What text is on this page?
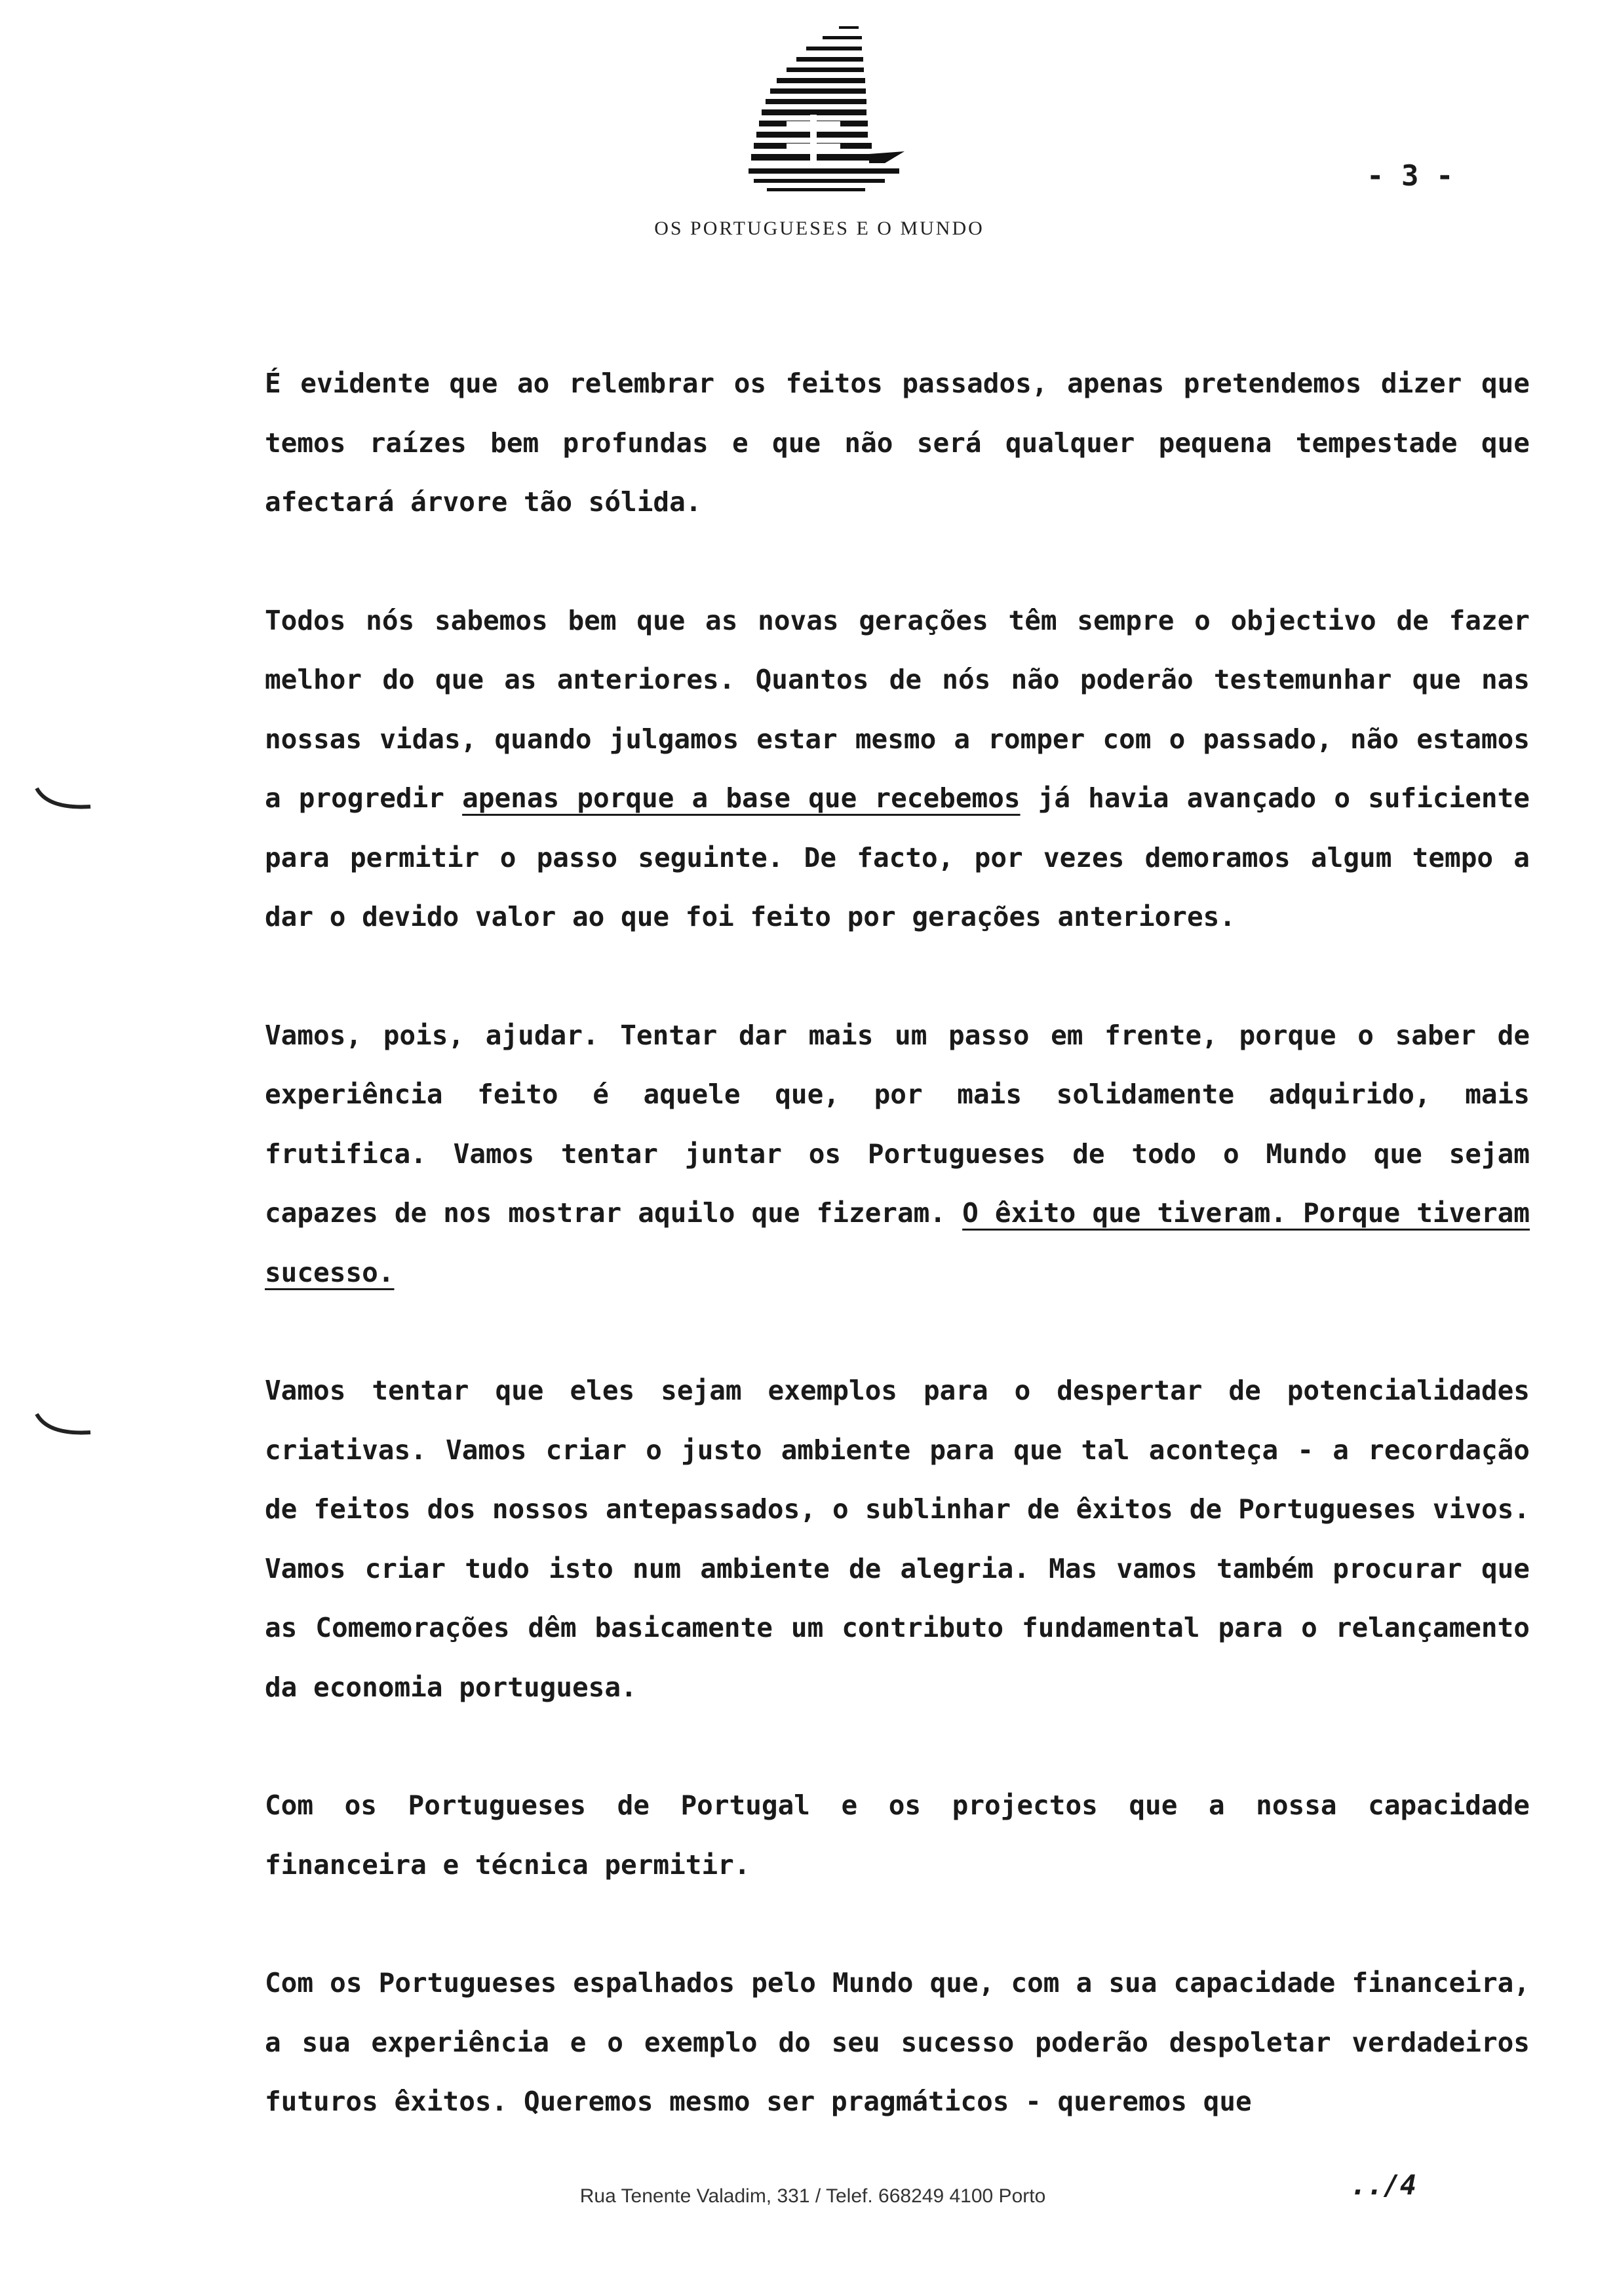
OS PORTUGUESES E O MUNDO
- 3 -

É evidente que ao relembrar os feitos passados, apenas pretendemos dizer que temos raízes bem profundas e que não será qualquer pequena tempestade que afectará árvore tão sólida.

Todos nós sabemos bem que as novas gerações têm sempre o objectivo de fazer melhor do que as anteriores. Quantos de nós não poderão testemunhar que nas nossas vidas, quando julgamos estar mesmo a romper com o passado, não estamos a progredir apenas porque a base que recebemos já havia avançado o suficiente para permitir o passo seguinte. De facto, por vezes demoramos algum tempo a dar o devido valor ao que foi feito por gerações anteriores.

Vamos, pois, ajudar. Tentar dar mais um passo em frente, porque o saber de experiência feito é aquele que, por mais solidamente adquirido, mais frutifica. Vamos tentar juntar os Portugueses de todo o Mundo que sejam capazes de nos mostrar aquilo que fizeram. O êxito que tiveram. Porque tiveram sucesso.

Vamos tentar que eles sejam exemplos para o despertar de potencialidades criativas. Vamos criar o justo ambiente para que tal aconteça - a recordação de feitos dos nossos antepassados, o sublinhar de êxitos de Portugueses vivos. Vamos criar tudo isto num ambiente de alegria. Mas vamos também procurar que as Comemorações dêm basicamente um contributo fundamental para o relançamento da economia portuguesa.

Com os Portugueses de Portugal e os projectos que a nossa capacidade financeira e técnica permitir.

Com os Portugueses espalhados pelo Mundo que, com a sua capacidade financeira, a sua experiência e o exemplo do seu sucesso poderão despoletar verdadeiros futuros êxitos. Queremos mesmo ser pragmáticos - queremos que

Rua Tenente Valadim, 331 / Telef. 668249 4100 Porto	../4
